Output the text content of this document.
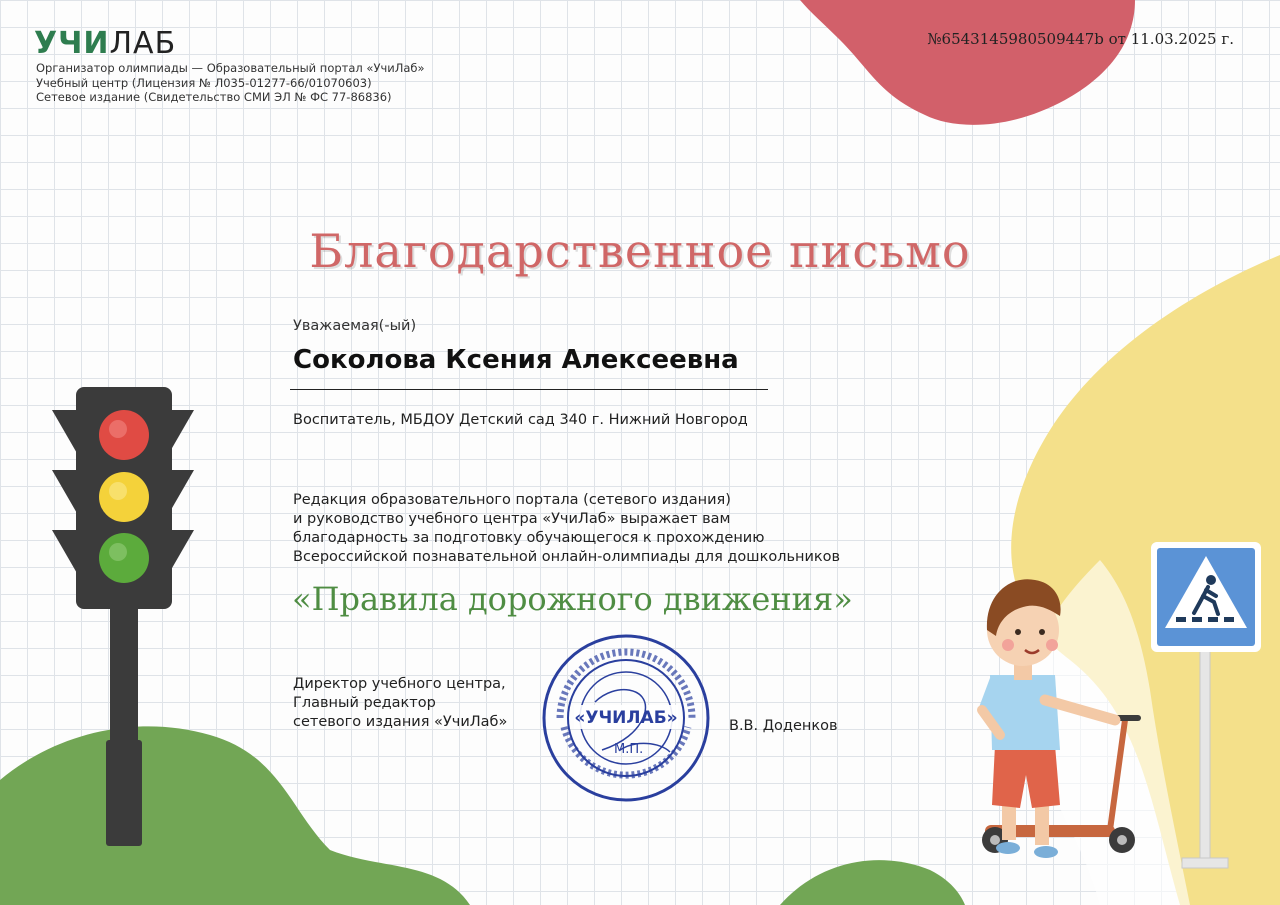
«УЧИЛАБ»
УЧИЛАБ
Организатор олимпиады — Образовательный портал «УчиЛаб»
Учебный центр (Лицензия № Л035-01277-66/01070603)
Сетевое издание (Свидетельство СМИ ЭЛ № ФС 77-86836)
№6543145980509447b от 11.03.2025 г.
Благодарственное письмо
Уважаемая(-ый)
Соколова Ксения Алексеевна
Воспитатель, МБДОУ Детский сад 340 г. Нижний Новгород
Редакция образовательного портала (сетевого издания)
и руководство учебного центра «УчиЛаб» выражает вам
благодарность за подготовку обучающегося к прохождению
Всероссийской познавательной онлайн-олимпиады для дошкольников
«Правила дорожного движения»
Директор учебного центра,
Главный редактор
сетевого издания «УчиЛаб»
М.П.
В.В. Доденков
